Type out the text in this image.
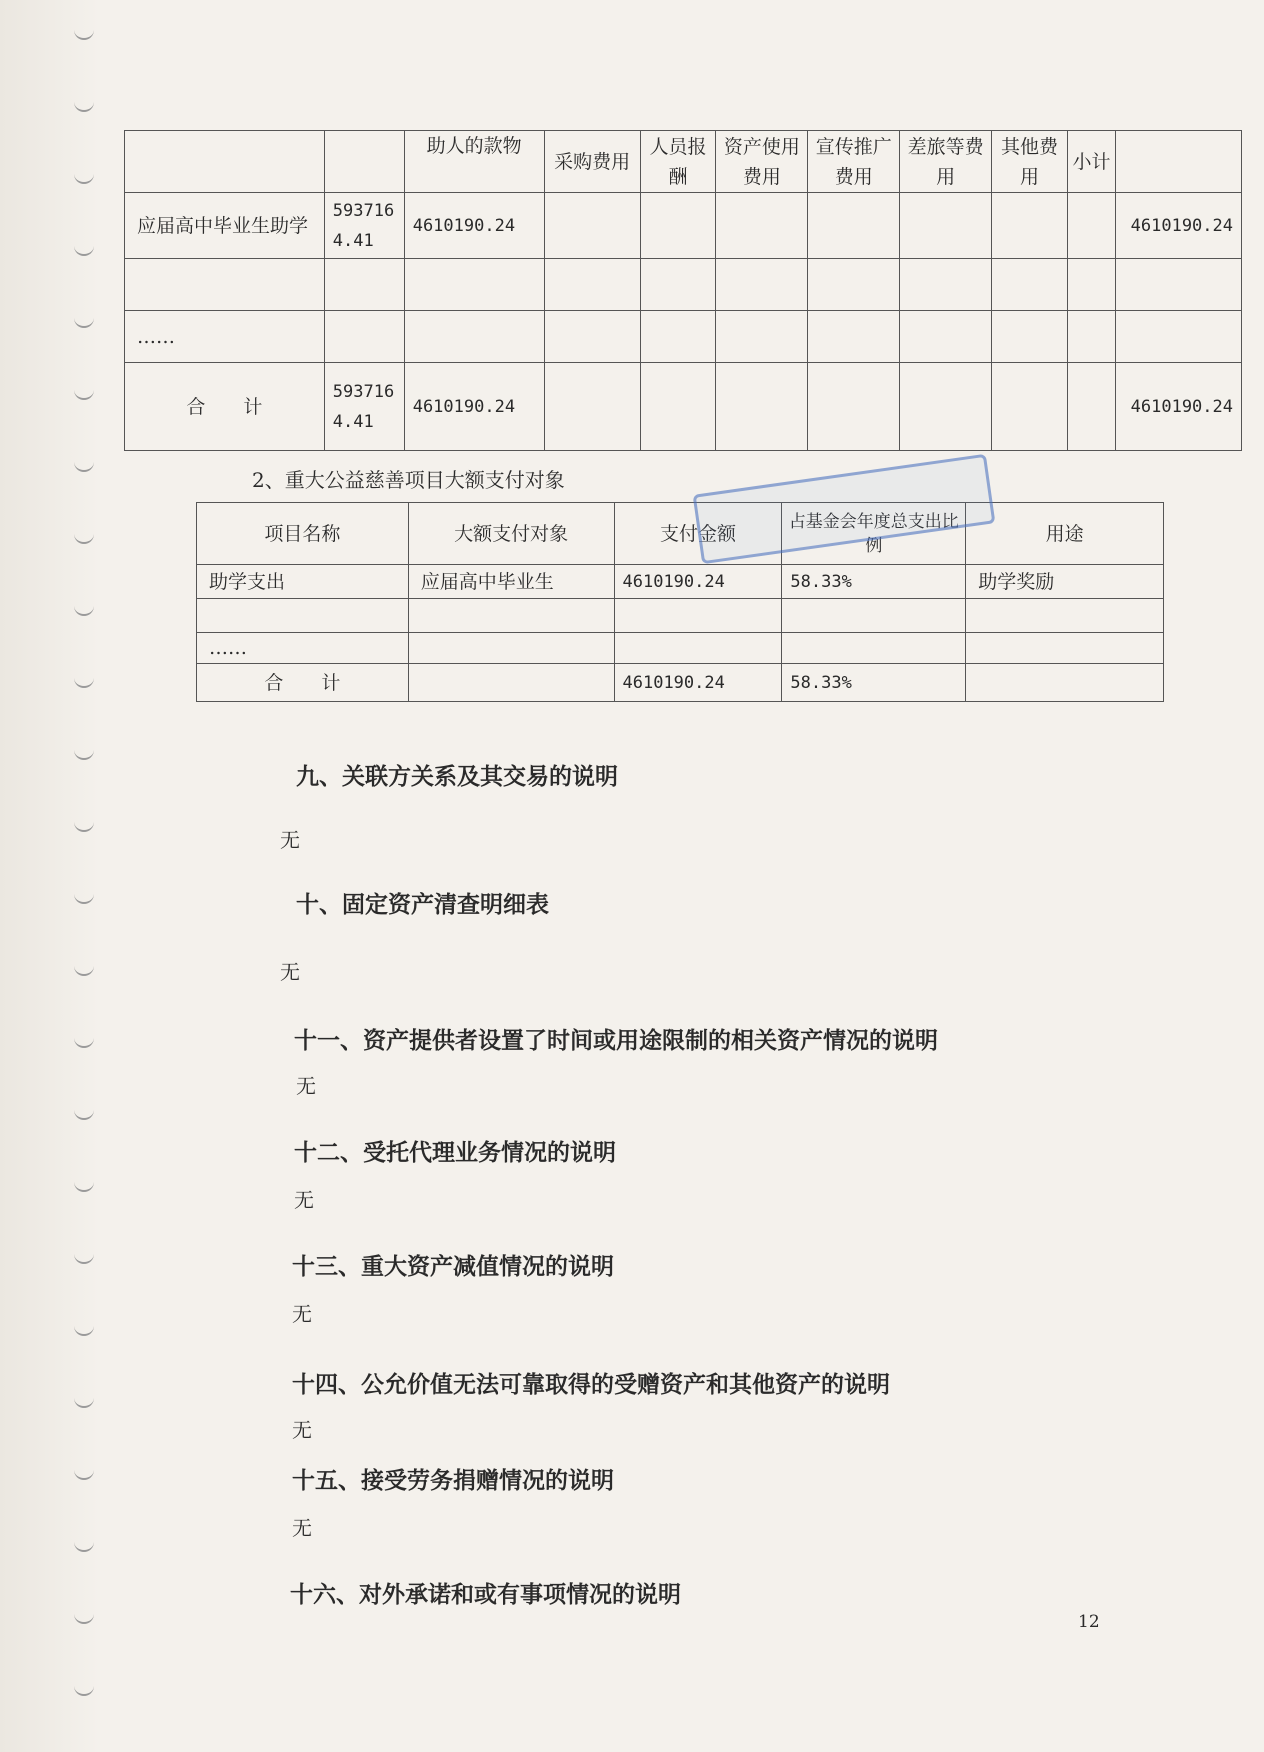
		助人的款物	采购费用	人员报酬	资产使用费用	宣传推广费用	差旅等费用	其他费用	小计	
应届高中毕业生助学	5937164.41	4610190.24								4610190.24

……										
合　　计	5937164.41	4610190.24								4610190.24
2、重大公益慈善项目大额支付对象
项目名称	大额支付对象	支付金额	占基金会年度总支出比例	用途
助学支出	应届高中毕业生	4610190.24	58.33%	助学奖励

……				
合　　计		4610190.24	58.33%	
九、关联方关系及其交易的说明
无
十、固定资产清查明细表
无
十一、资产提供者设置了时间或用途限制的相关资产情况的说明
无
十二、受托代理业务情况的说明
无
十三、重大资产减值情况的说明
无
十四、公允价值无法可靠取得的受赠资产和其他资产的说明
无
十五、接受劳务捐赠情况的说明
无
十六、对外承诺和或有事项情况的说明
12
